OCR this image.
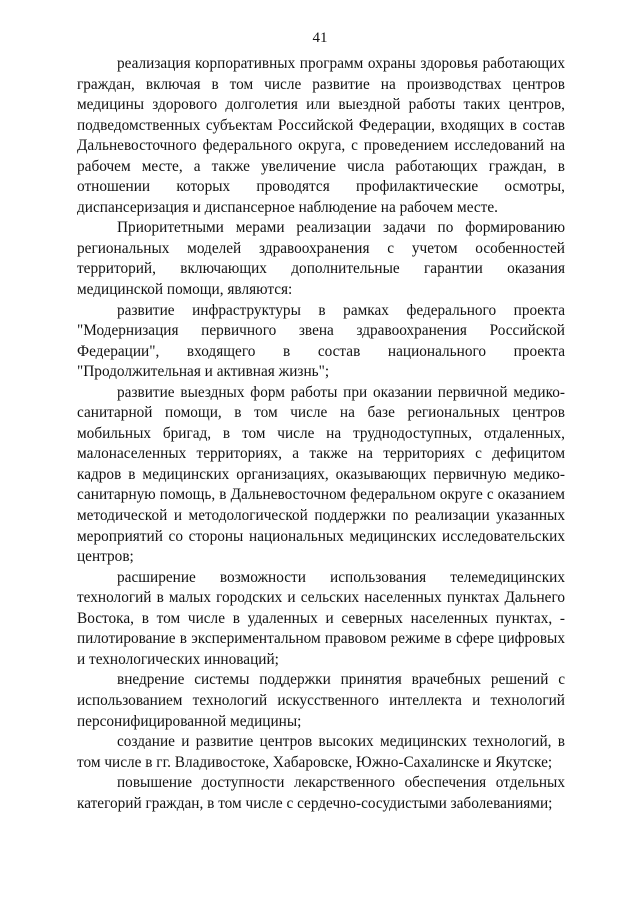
41

реализация корпоративных программ охраны здоровья работающих граждан, включая в том числе развитие на производствах центров медицины здорового долголетия или выездной работы таких центров, подведомственных субъектам Российской Федерации, входящих в состав Дальневосточного федерального округа, с проведением исследований на рабочем месте, а также увеличение числа работающих граждан, в отношении которых проводятся профилактические осмотры, диспансеризация и диспансерное наблюдение на рабочем месте.

Приоритетными мерами реализации задачи по формированию региональных моделей здравоохранения с учетом особенностей территорий, включающих дополнительные гарантии оказания медицинской помощи, являются:

развитие инфраструктуры в рамках федерального проекта "Модернизация первичного звена здравоохранения Российской Федерации", входящего в состав национального проекта "Продолжительная и активная жизнь";

развитие выездных форм работы при оказании первичной медико-санитарной помощи, в том числе на базе региональных центров мобильных бригад, в том числе на труднодоступных, отдаленных, малонаселенных территориях, а также на территориях с дефицитом кадров в медицинских организациях, оказывающих первичную медико-санитарную помощь, в Дальневосточном федеральном округе с оказанием методической и методологической поддержки по реализации указанных мероприятий со стороны национальных медицинских исследовательских центров;

расширение возможности использования телемедицинских технологий в малых городских и сельских населенных пунктах Дальнего Востока, в том числе в удаленных и северных населенных пунктах, - пилотирование в экспериментальном правовом режиме в сфере цифровых и технологических инноваций;

внедрение системы поддержки принятия врачебных решений с использованием технологий искусственного интеллекта и технологий персонифицированной медицины;

создание и развитие центров высоких медицинских технологий, в том числе в гг. Владивостоке, Хабаровске, Южно-Сахалинске и Якутске;

повышение доступности лекарственного обеспечения отдельных категорий граждан, в том числе с сердечно-сосудистыми заболеваниями;
